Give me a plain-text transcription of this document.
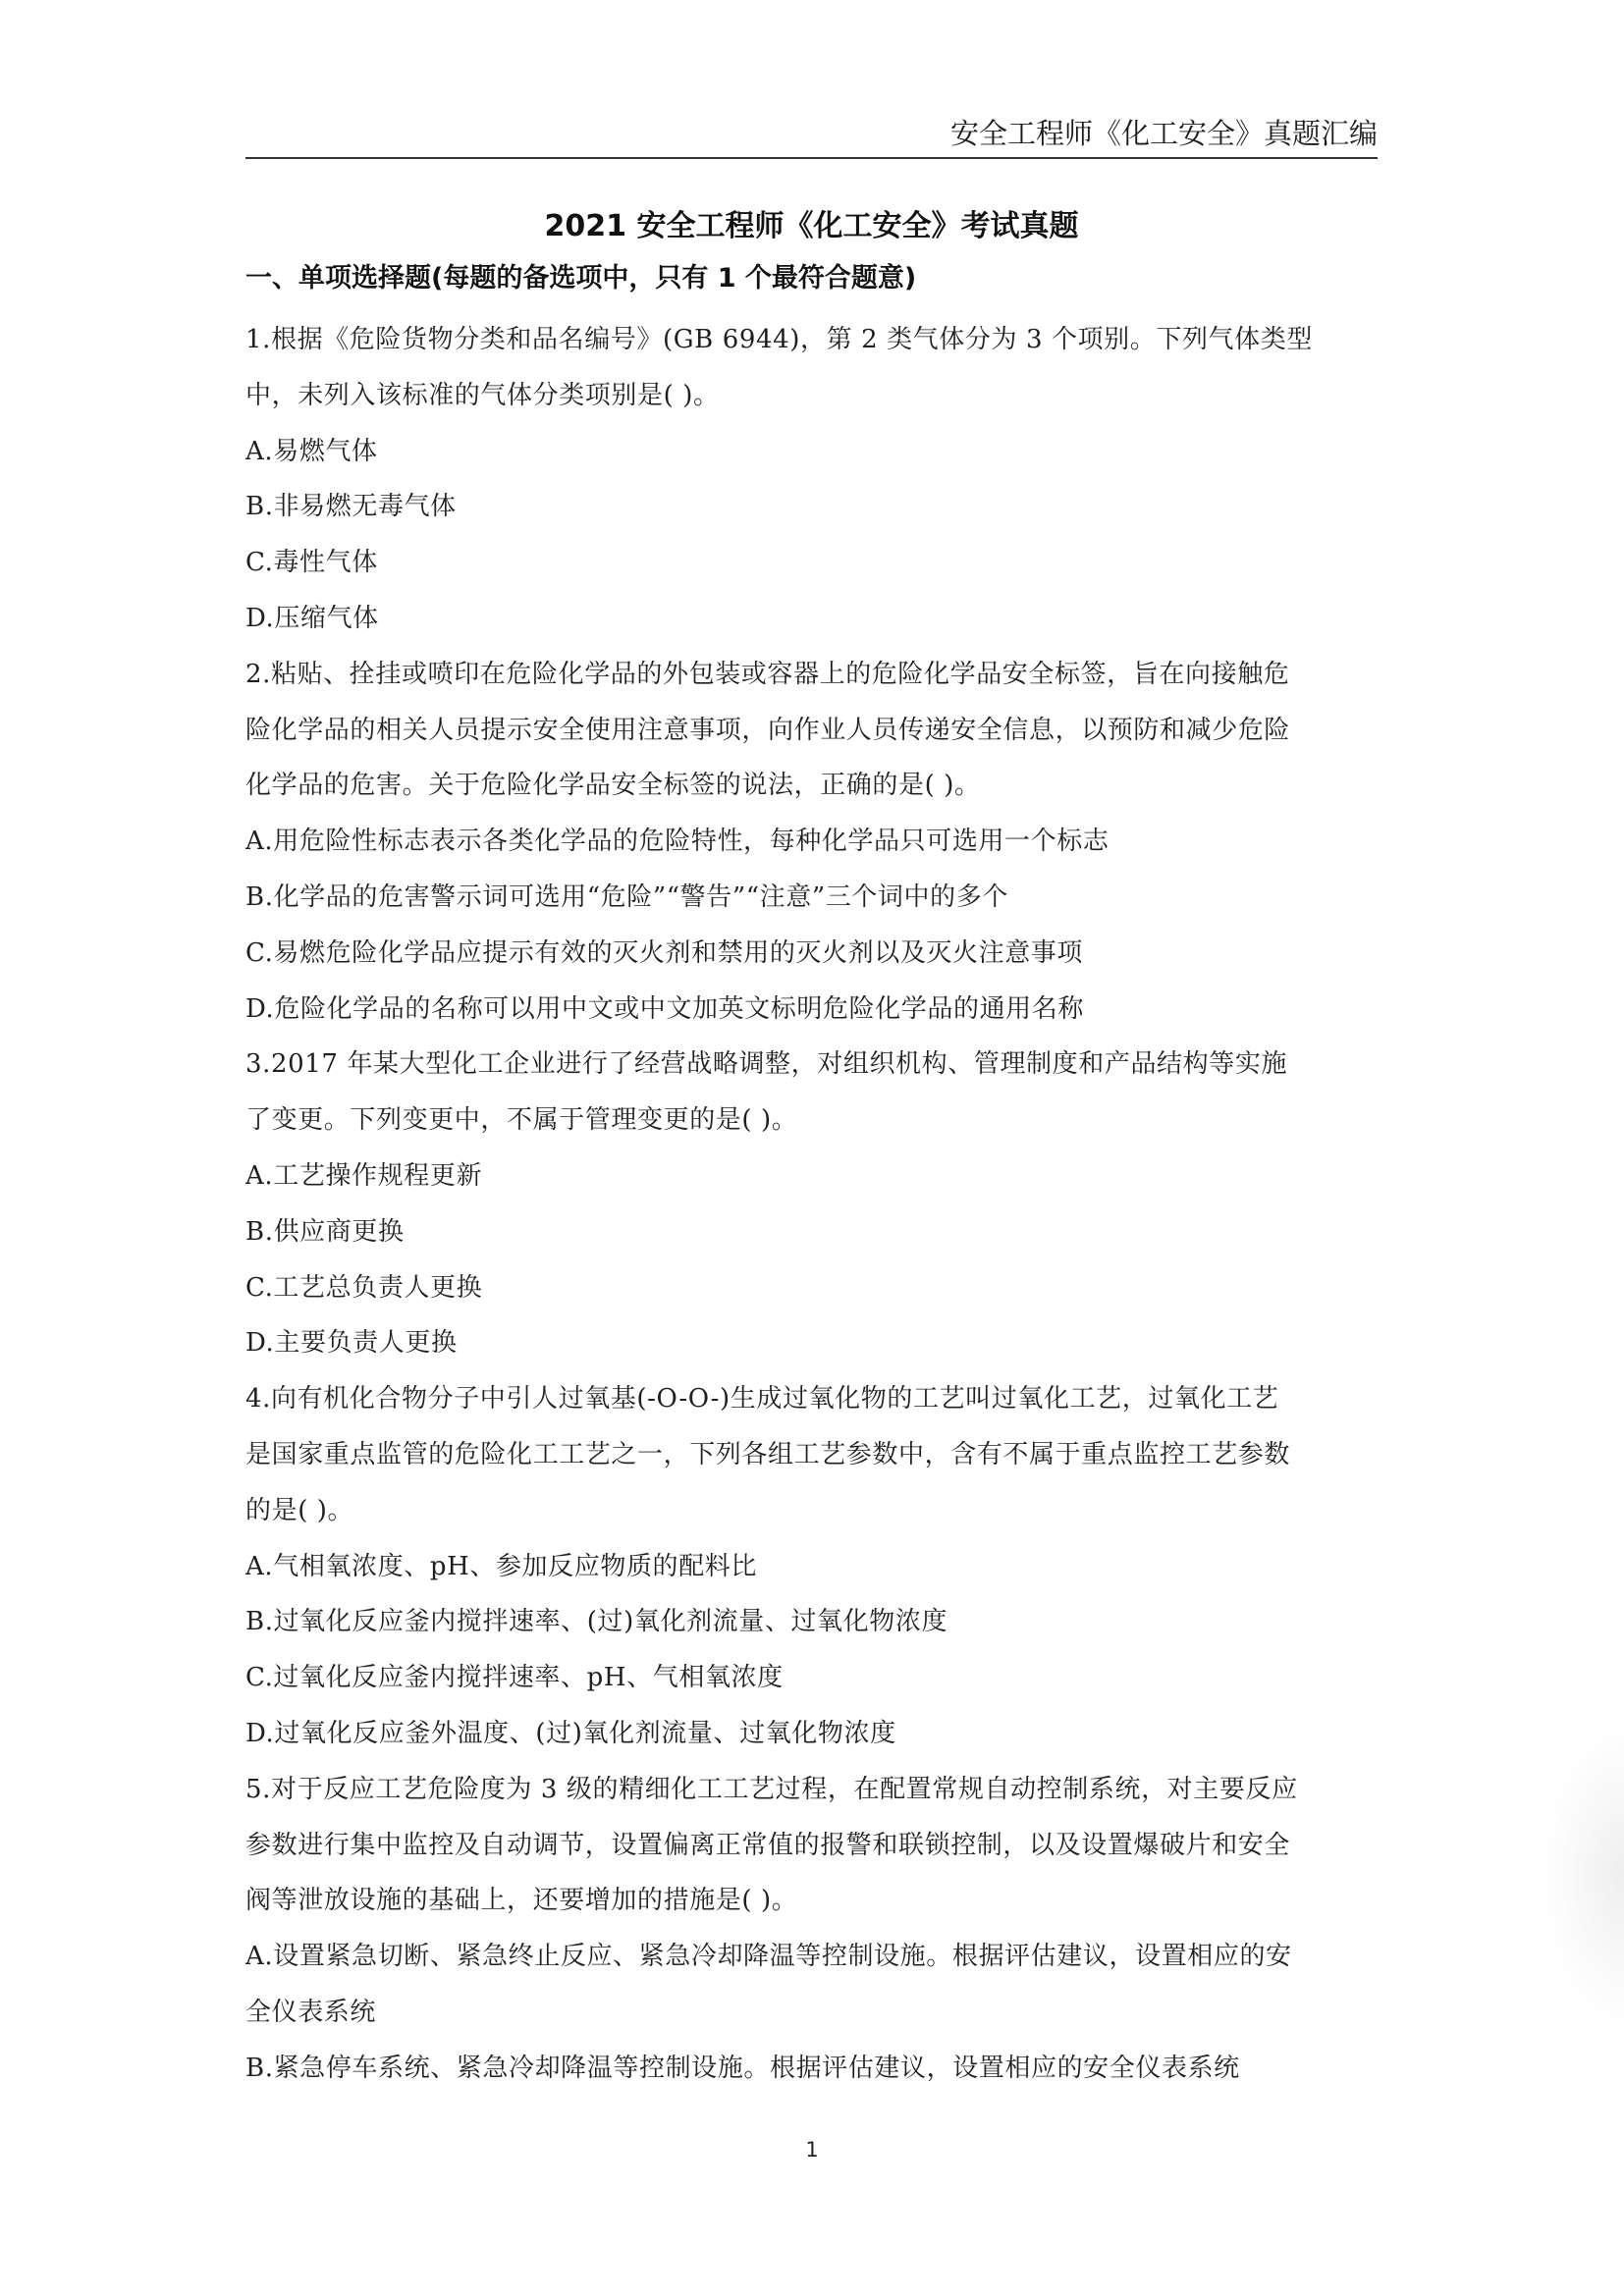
安全工程师《化工安全》真题汇编
2021 安全工程师《化工安全》考试真题
一、单项选择题(每题的备选项中，只有 1 个最符合题意)
1.根据《危险货物分类和品名编号》(GB 6944)，第 2 类气体分为 3 个项别。下列气体类型
中，未列入该标准的气体分类项别是( )。
A.易燃气体
B.非易燃无毒气体
C.毒性气体
D.压缩气体
2.粘贴、拴挂或喷印在危险化学品的外包装或容器上的危险化学品安全标签，旨在向接触危
险化学品的相关人员提示安全使用注意事项，向作业人员传递安全信息，以预防和减少危险
化学品的危害。关于危险化学品安全标签的说法，正确的是( )。
A.用危险性标志表示各类化学品的危险特性，每种化学品只可选用一个标志
B.化学品的危害警示词可选用“危险”“警告”“注意”三个词中的多个
C.易燃危险化学品应提示有效的灭火剂和禁用的灭火剂以及灭火注意事项
D.危险化学品的名称可以用中文或中文加英文标明危险化学品的通用名称
3.2017 年某大型化工企业进行了经营战略调整，对组织机构、管理制度和产品结构等实施
了变更。下列变更中，不属于管理变更的是( )。
A.工艺操作规程更新
B.供应商更换
C.工艺总负责人更换
D.主要负责人更换
4.向有机化合物分子中引人过氧基(-O-O-)生成过氧化物的工艺叫过氧化工艺，过氧化工艺
是国家重点监管的危险化工工艺之一，下列各组工艺参数中，含有不属于重点监控工艺参数
的是( )。
A.气相氧浓度、pH、参加反应物质的配料比
B.过氧化反应釜内搅拌速率、(过)氧化剂流量、过氧化物浓度
C.过氧化反应釜内搅拌速率、pH、气相氧浓度
D.过氧化反应釜外温度、(过)氧化剂流量、过氧化物浓度
5.对于反应工艺危险度为 3 级的精细化工工艺过程，在配置常规自动控制系统，对主要反应
参数进行集中监控及自动调节，设置偏离正常值的报警和联锁控制，以及设置爆破片和安全
阀等泄放设施的基础上，还要增加的措施是( )。
A.设置紧急切断、紧急终止反应、紧急冷却降温等控制设施。根据评估建议，设置相应的安
全仪表系统
B.紧急停车系统、紧急冷却降温等控制设施。根据评估建议，设置相应的安全仪表系统
1
